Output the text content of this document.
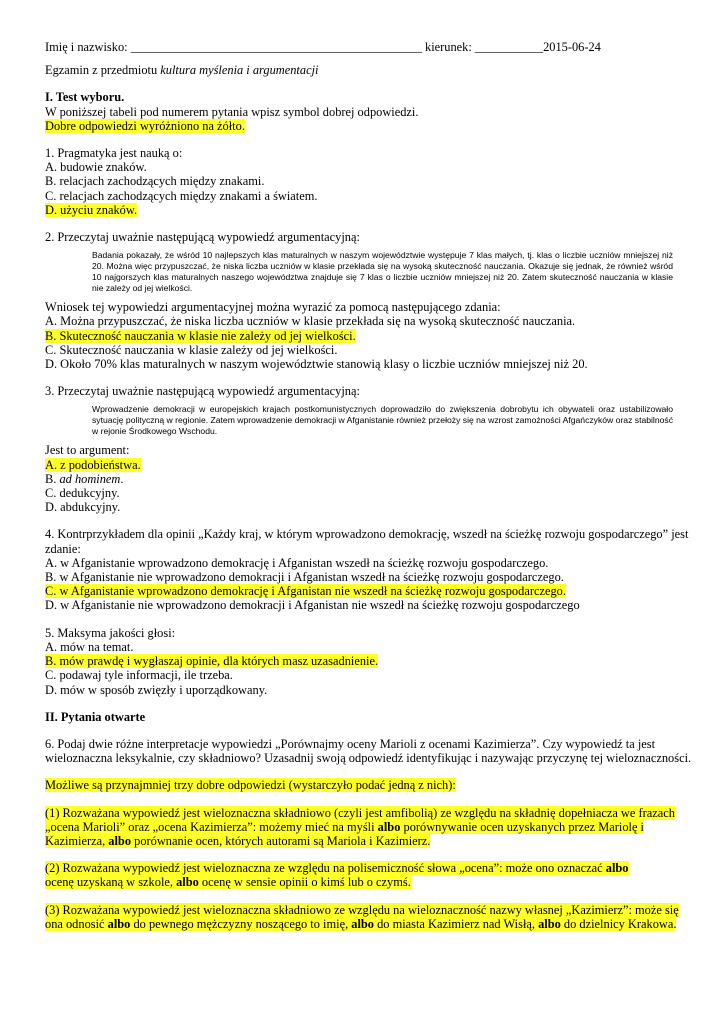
Imię i nazwisko: _______________________________________________ kierunek: ___________2015-06-24

Egzamin z przedmiotu kultura myślenia i argumentacji

I. Test wyboru.

W poniższej tabeli pod numerem pytania wpisz symbol dobrej odpowiedzi.

Dobre odpowiedzi wyróżniono na żółto.

1. Pragmatyka jest nauką o:

A. budowie znaków.

B. relacjach zachodzących między znakami.

C. relacjach zachodzących między znakami a światem.

D. użyciu znaków.

2. Przeczytaj uważnie następującą wypowiedź argumentacyjną:

Badania pokazały, że wśród 10 najlepszych klas maturalnych w naszym województwie występuje 7 klas małych, tj. klas o liczbie uczniów mniejszej niż 20. Można więc przypuszczać, że niska liczba uczniów w klasie przekłada się na wysoką skuteczność nauczania. Okazuje się jednak, że również wśród 10 najgorszych klas maturalnych naszego województwa znajduje się 7 klas o liczbie uczniów mniejszej niż 20. Zatem skuteczność nauczania w klasie nie zależy od jej wielkości.

Wniosek tej wypowiedzi argumentacyjnej można wyrazić za pomocą następującego zdania:

A. Można przypuszczać, że niska liczba uczniów w klasie przekłada się na wysoką skuteczność nauczania.

B. Skuteczność nauczania w klasie nie zależy od jej wielkości.

C. Skuteczność nauczania w klasie zależy od jej wielkości.

D. Około 70% klas maturalnych w naszym województwie stanowią klasy o liczbie uczniów mniejszej niż 20.

3. Przeczytaj uważnie następującą wypowiedź argumentacyjną:

Wprowadzenie demokracji w europejskich krajach postkomunistycznych doprowadziło do zwiększenia dobrobytu ich obywateli oraz ustabilizowało sytuację polityczną w regionie. Zatem wprowadzenie demokracji w Afganistanie również przełoży się na wzrost zamożności Afgańczyków oraz stabilność w rejonie Środkowego Wschodu.

Jest to argument:

A. z podobieństwa.

B. ad hominem.

C. dedukcyjny.

D. abdukcyjny.

4. Kontrprzykładem dla opinii „Każdy kraj, w którym wprowadzono demokrację, wszedł na ścieżkę rozwoju gospodarczego” jest

zdanie:

A. w Afganistanie wprowadzono demokrację i Afganistan wszedł na ścieżkę rozwoju gospodarczego.

B. w Afganistanie nie wprowadzono demokracji i Afganistan wszedł na ścieżkę rozwoju gospodarczego.

C. w Afganistanie wprowadzono demokrację i Afganistan nie wszedł na ścieżkę rozwoju gospodarczego.

D. w Afganistanie nie wprowadzono demokracji i Afganistan nie wszedł na ścieżkę rozwoju gospodarczego

5. Maksyma jakości głosi:

A. mów na temat.

B. mów prawdę i wygłaszaj opinie, dla których masz uzasadnienie.

C. podawaj tyle informacji, ile trzeba.

D. mów w sposób zwięzły i uporządkowany.

II. Pytania otwarte

6. Podaj dwie różne interpretacje wypowiedzi „Porównajmy oceny Marioli z ocenami Kazimierza”. Czy wypowiedź ta jest

wieloznaczna leksykalnie, czy składniowo? Uzasadnij swoją odpowiedź identyfikując i nazywając przyczynę tej wieloznaczności.

Możliwe są przynajmniej trzy dobre odpowiedzi (wystarczyło podać jedną z nich):

(1) Rozważana wypowiedź jest wieloznaczna składniowo (czyli jest amfibolią) ze względu na składnię dopełniacza we frazach

„ocena Marioli” oraz „ocena Kazimierza”: możemy mieć na myśli albo porównywanie ocen uzyskanych przez Mariolę i

Kazimierza, albo porównanie ocen, których autorami są Mariola i Kazimierz.

(2) Rozważana wypowiedź jest wieloznaczna ze względu na polisemiczność słowa „ocena”: może ono oznaczać albo

ocenę uzyskaną w szkole, albo ocenę w sensie opinii o kimś lub o czymś.

(3) Rozważana wypowiedź jest wieloznaczna składniowo ze względu na wieloznaczność nazwy własnej „Kazimierz”: może się

ona odnosić albo do pewnego mężczyzny noszącego to imię, albo do miasta Kazimierz nad Wisłą, albo do dzielnicy Krakowa.
